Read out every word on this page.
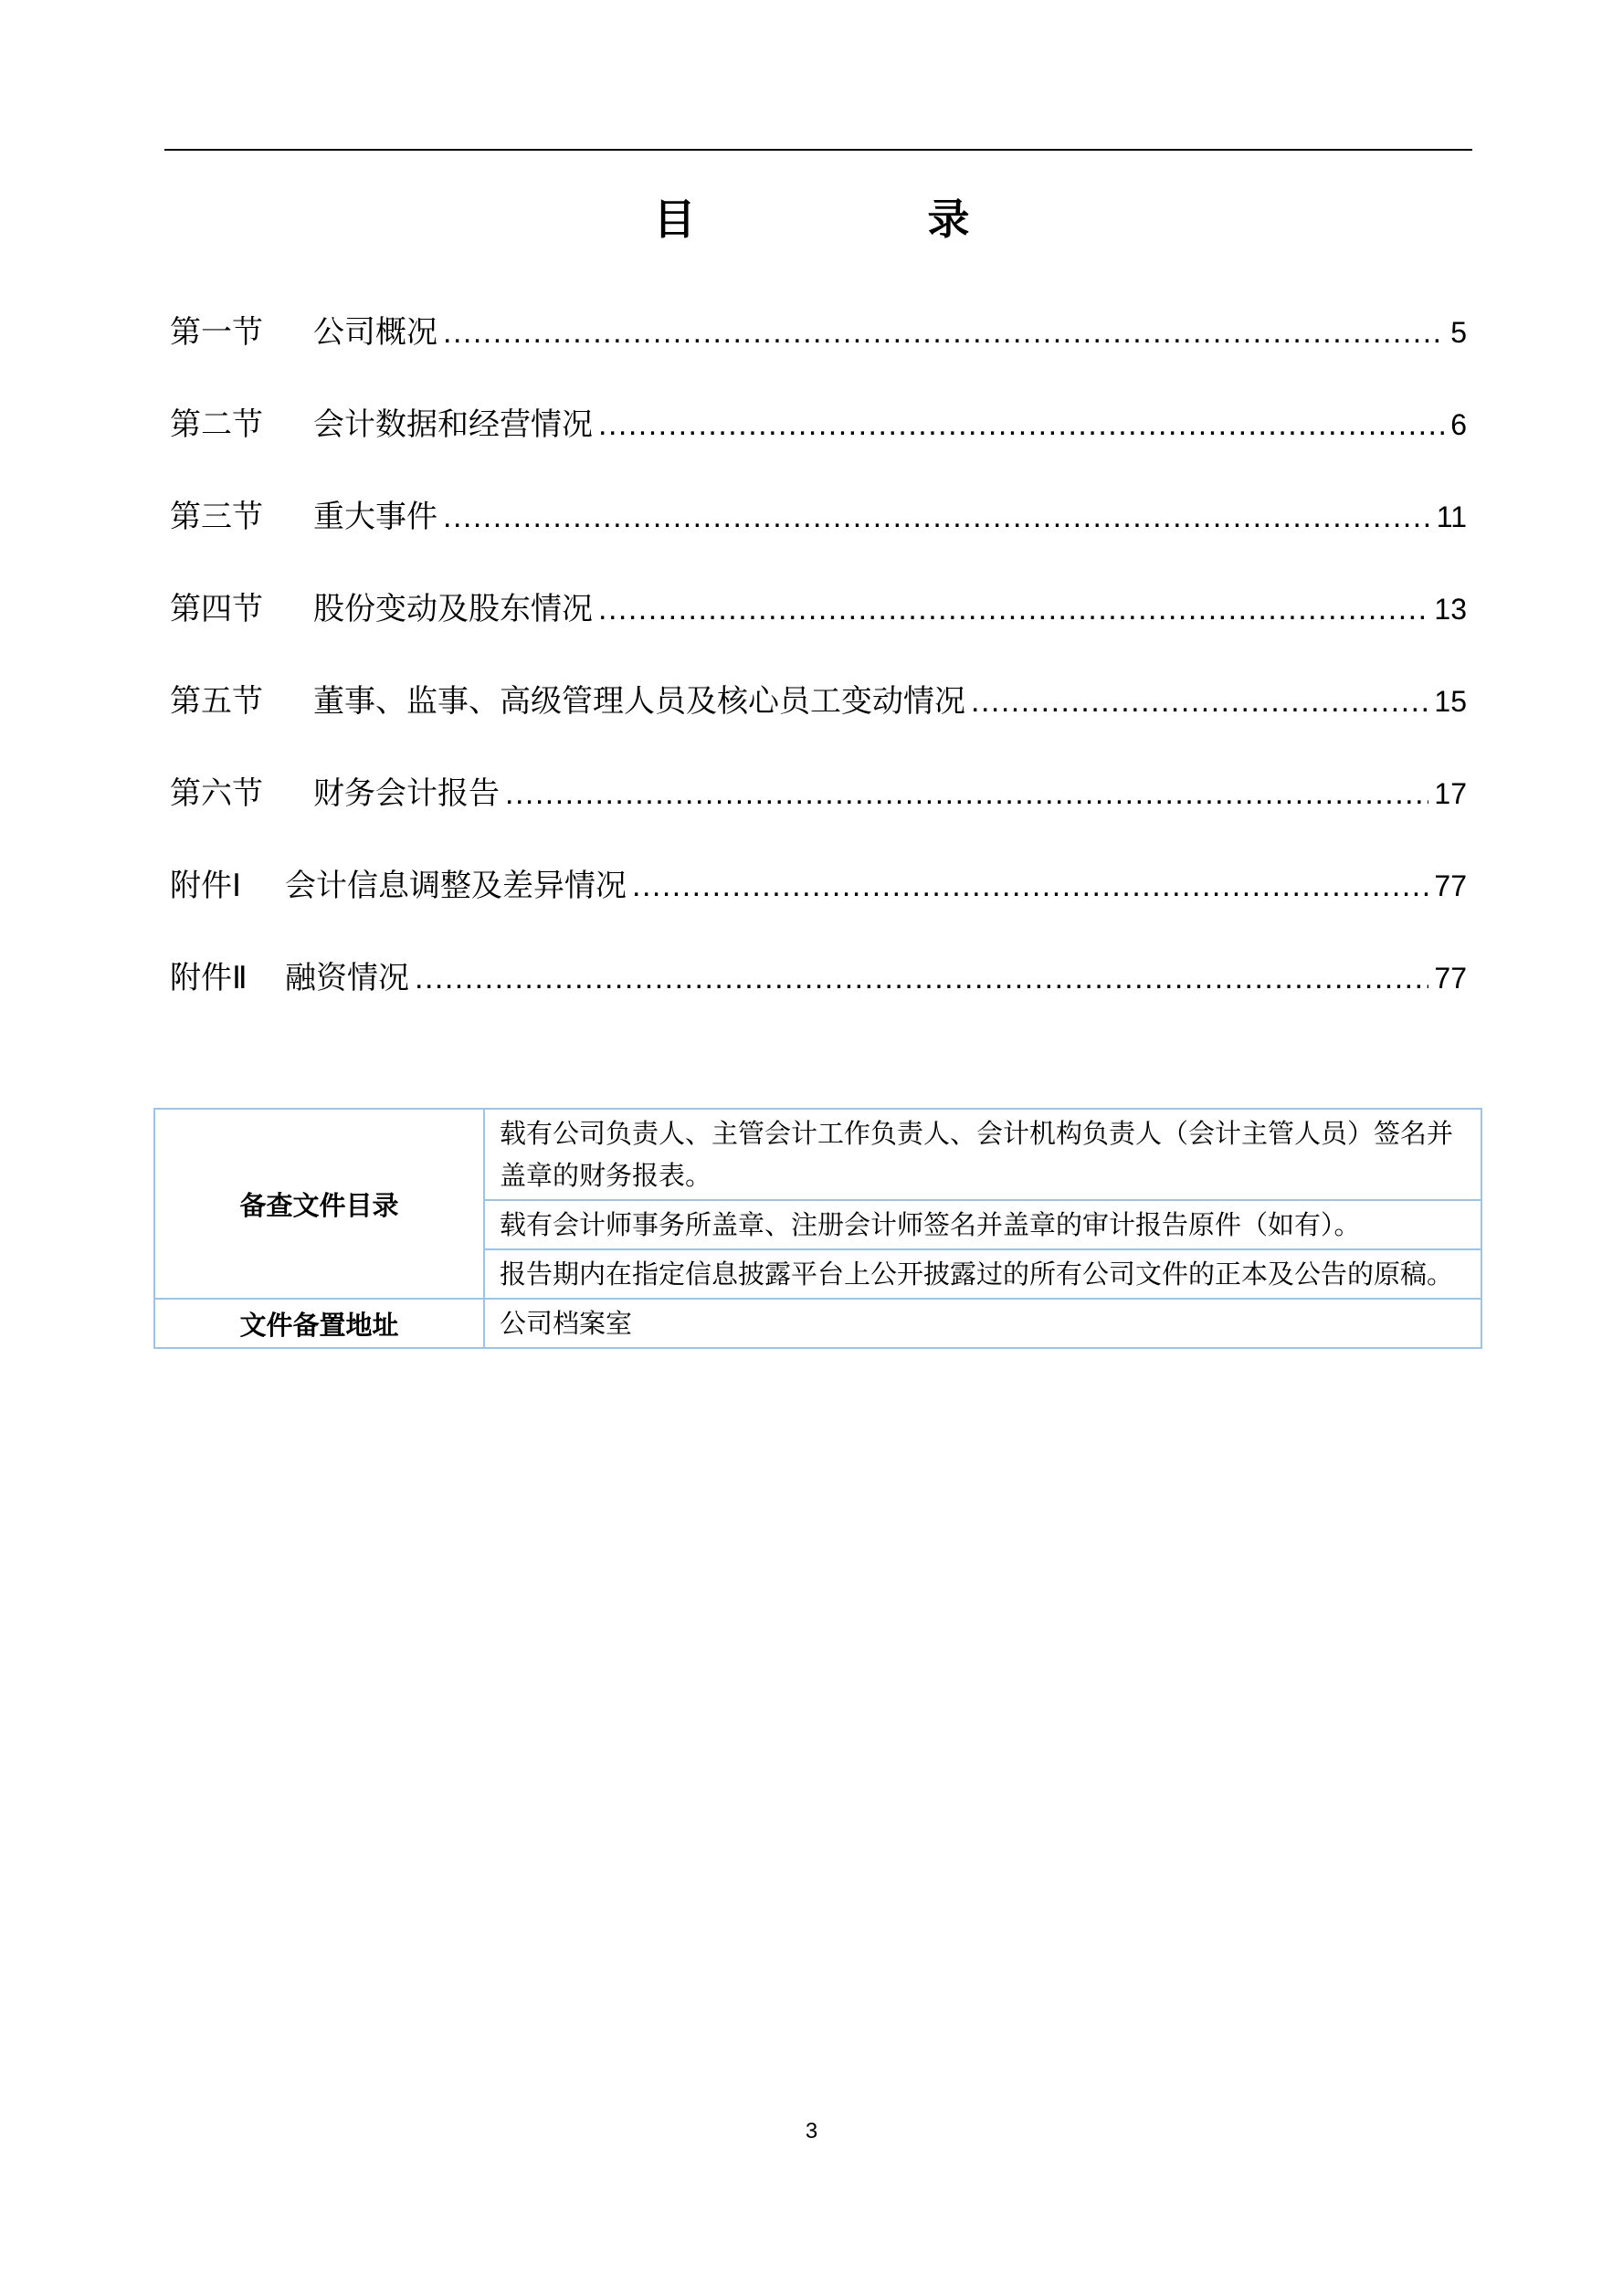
目　　录
第一节	公司概况 .....	5
第二节	会计数据和经营情况 .....	6
第三节	重大事件 .....	11
第四节	股份变动及股东情况 .....	13
第五节	董事、监事、高级管理人员及核心员工变动情况 .....	15
第六节	财务会计报告 .....	17
附件Ⅰ	会计信息调整及差异情况 .....	77
附件Ⅱ	融资情况 .....	77
备查文件目录	载有公司负责人、主管会计工作负责人、会计机构负责人（会计主管人员）签名并盖章的财务报表。
	载有会计师事务所盖章、注册会计师签名并盖章的审计报告原件（如有）。
	报告期内在指定信息披露平台上公开披露过的所有公司文件的正本及公告的原稿。
文件备置地址	公司档案室
3
